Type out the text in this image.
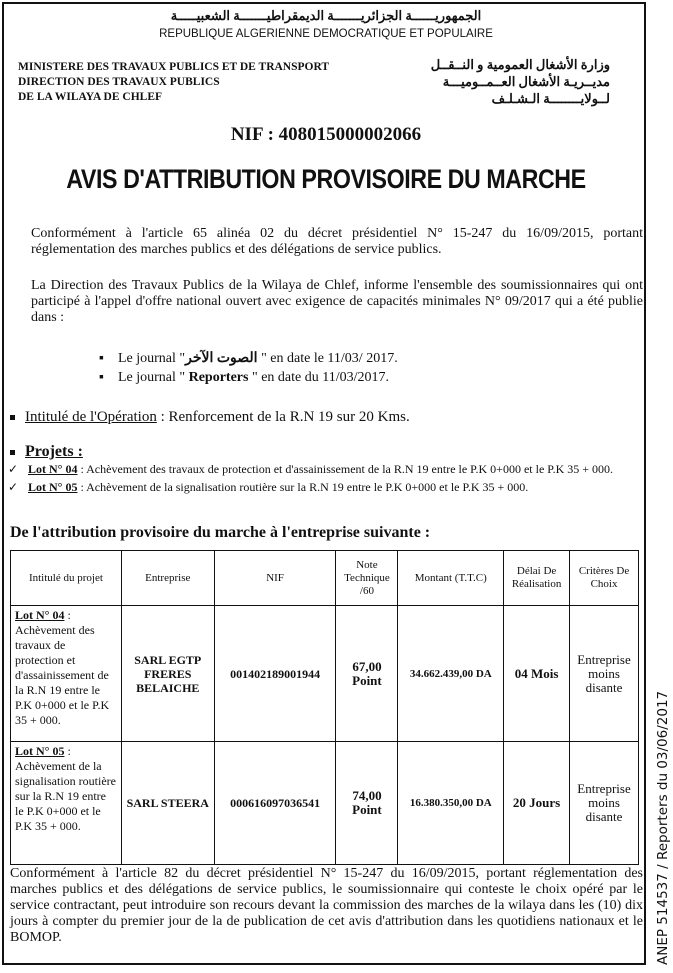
الجمهوريــــــة الجزائريـــــــة الديمقراطيـــــــة الشعبيـــــة
REPUBLIQUE ALGERIENNE DEMOCRATIQUE ET POPULAIRE
MINISTERE DES TRAVAUX PUBLICS ET DE TRANSPORT
DIRECTION DES TRAVAUX PUBLICS
DE LA WILAYA DE CHLEF
وزارة الأشغال العمومية و النــقــل
مديــريـة الأشغال العــمــوميـــة
لــولايــــــــة الـشـلـف
NIF : 408015000002066
AVIS D'ATTRIBUTION PROVISOIRE DU MARCHE
Conformément à l'article 65 alinéa 02 du décret présidentiel N° 15-247 du 16/09/2015, portant réglementation des marches publics et des délégations de service publics.
La Direction des Travaux Publics de la Wilaya de Chlef, informe l'ensemble des soumissionnaires qui ont participé à l'appel d'offre national ouvert avec exigence de capacités minimales N° 09/2017 qui a été publie dans :
▪ Le journal "الصوت الآخر " en date le 11/03/ 2017.
▪ Le journal " Reporters " en date du 11/03/2017.
Intitulé de l'Opération : Renforcement de la R.N 19 sur 20 Kms.
Projets :
✓ Lot N° 04 : Achèvement des travaux de protection et d'assainissement de la R.N 19 entre le P.K 0+000 et le P.K 35 + 000.
✓ Lot N° 05 : Achèvement de la signalisation routière sur la R.N 19 entre le P.K 0+000 et le P.K 35 + 000.
De l'attribution provisoire du marche à l'entreprise suivante :
Intitulé du projet	Entreprise	NIF	Note Technique /60	Montant (T.T.C)	Délai De Réalisation	Critères De Choix
Lot N° 04 : Achèvement des travaux de protection et d'assainissement de la R.N 19 entre le P.K 0+000 et le P.K 35 + 000.	SARL EGTP FRERES BELAICHE	001402189001944	67,00 Point	34.662.439,00 DA	04 Mois	Entreprise moins disante
Lot N° 05 : Achèvement de la signalisation routière sur la R.N 19 entre le P.K 0+000 et le P.K 35 + 000.	SARL STEERA	000616097036541	74,00 Point	16.380.350,00 DA	20 Jours	Entreprise moins disante
Conformément à l'article 82 du décret présidentiel N° 15-247 du 16/09/2015, portant réglementation des marches publics et des délégations de service publics, le soumissionnaire qui conteste le choix opéré par le service contractant, peut introduire son recours devant la commission des marches de la wilaya dans les (10) dix jours à compter du premier jour de la de publication de cet avis d'attribution dans les quotidiens nationaux et le BOMOP.	ANEP 514537 / Reporters du 03/06/2017
